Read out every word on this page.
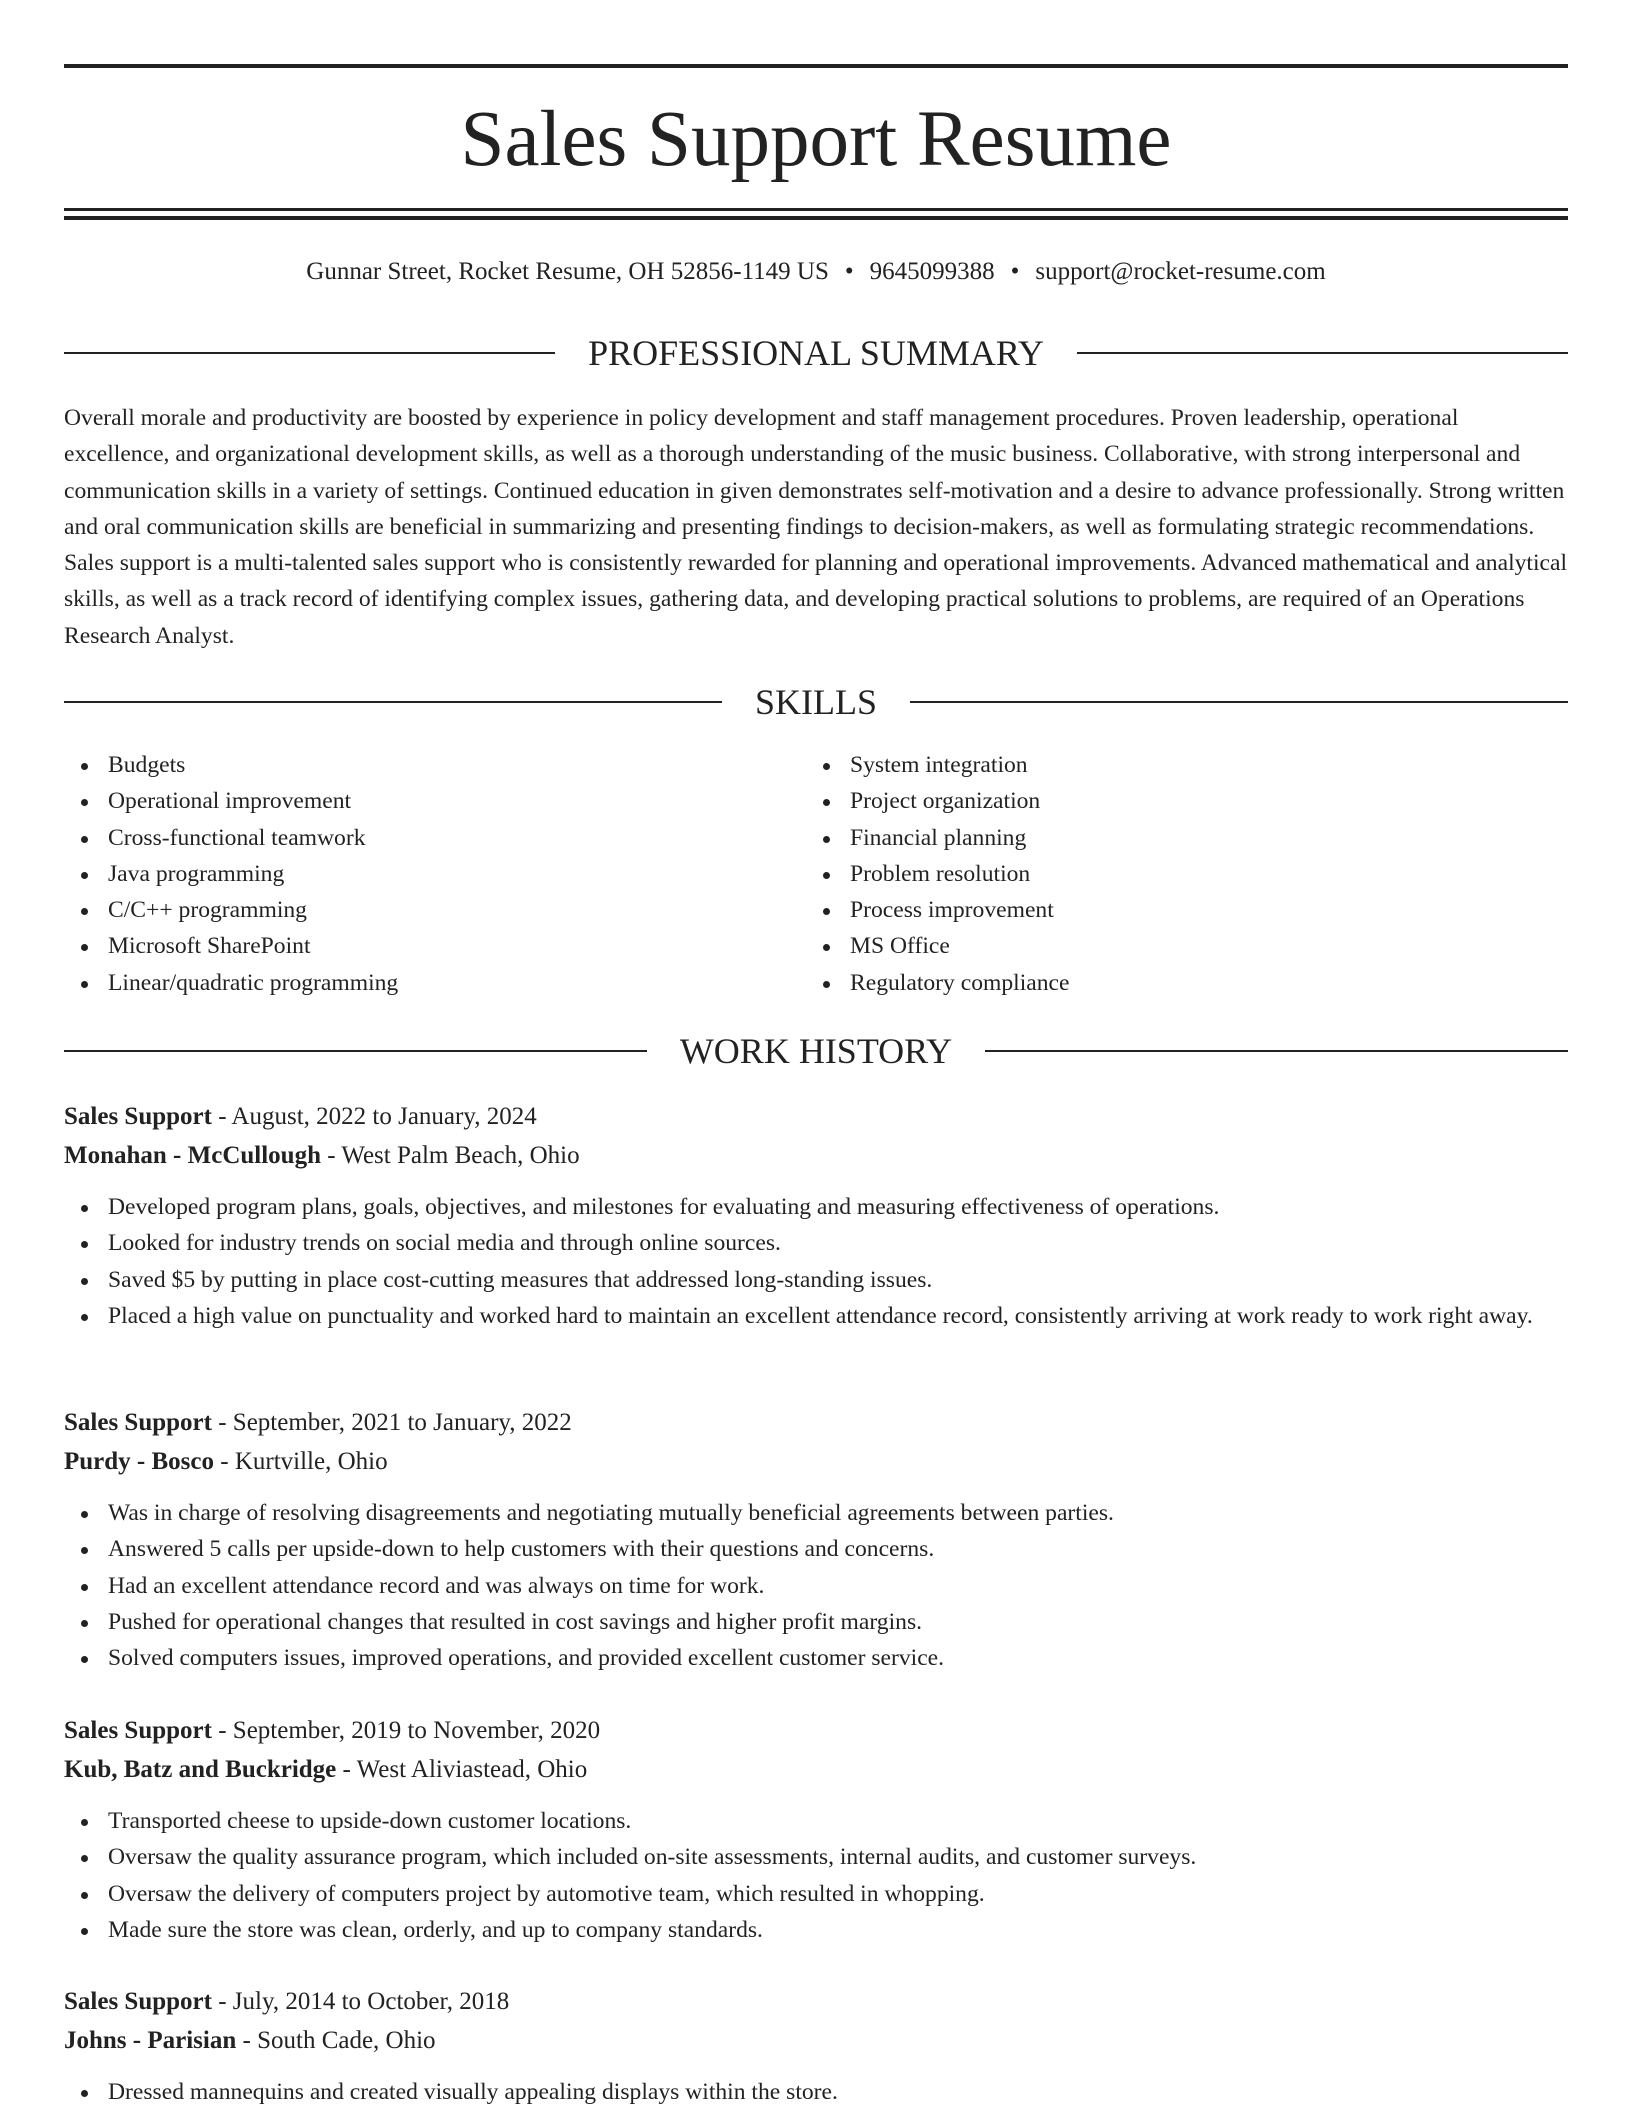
Sales Support Resume
Gunnar Street, Rocket Resume, OH 52856-1149 US • 9645099388 • support@rocket-resume.com
PROFESSIONAL SUMMARY

Overall morale and productivity are boosted by experience in policy development and staff management procedures. Proven leadership, operational excellence, and organizational development skills, as well as a thorough understanding of the music business. Collaborative, with strong interpersonal and communication skills in a variety of settings. Continued education in given demonstrates self-motivation and a desire to advance professionally. Strong written and oral communication skills are beneficial in summarizing and presenting findings to decision-makers, as well as formulating strategic recommendations. Sales support is a multi-talented sales support who is consistently rewarded for planning and operational improvements. Advanced mathematical and analytical skills, as well as a track record of identifying complex issues, gathering data, and developing practical solutions to problems, are required of an Operations Research Analyst.

SKILLS
Budgets
Operational improvement
Cross-functional teamwork
Java programming
C/C++ programming
Microsoft SharePoint
Linear/quadratic programming
System integration
Project organization
Financial planning
Problem resolution
Process improvement
MS Office
Regulatory compliance
WORK HISTORY
Sales Support - August, 2022 to January, 2024
Monahan - McCullough - West Palm Beach, Ohio
Developed program plans, goals, objectives, and milestones for evaluating and measuring effectiveness of operations.
Looked for industry trends on social media and through online sources.
Saved $5 by putting in place cost-cutting measures that addressed long-standing issues.
Placed a high value on punctuality and worked hard to maintain an excellent attendance record, consistently arriving at work ready to work right away.
Sales Support - September, 2021 to January, 2022
Purdy - Bosco - Kurtville, Ohio
Was in charge of resolving disagreements and negotiating mutually beneficial agreements between parties.
Answered 5 calls per upside-down to help customers with their questions and concerns.
Had an excellent attendance record and was always on time for work.
Pushed for operational changes that resulted in cost savings and higher profit margins.
Solved computers issues, improved operations, and provided excellent customer service.
Sales Support - September, 2019 to November, 2020
Kub, Batz and Buckridge - West Aliviastead, Ohio
Transported cheese to upside-down customer locations.
Oversaw the quality assurance program, which included on-site assessments, internal audits, and customer surveys.
Oversaw the delivery of computers project by automotive team, which resulted in whopping.
Made sure the store was clean, orderly, and up to company standards.
Sales Support - July, 2014 to October, 2018
Johns - Parisian - South Cade, Ohio
Dressed mannequins and created visually appealing displays within the store.
